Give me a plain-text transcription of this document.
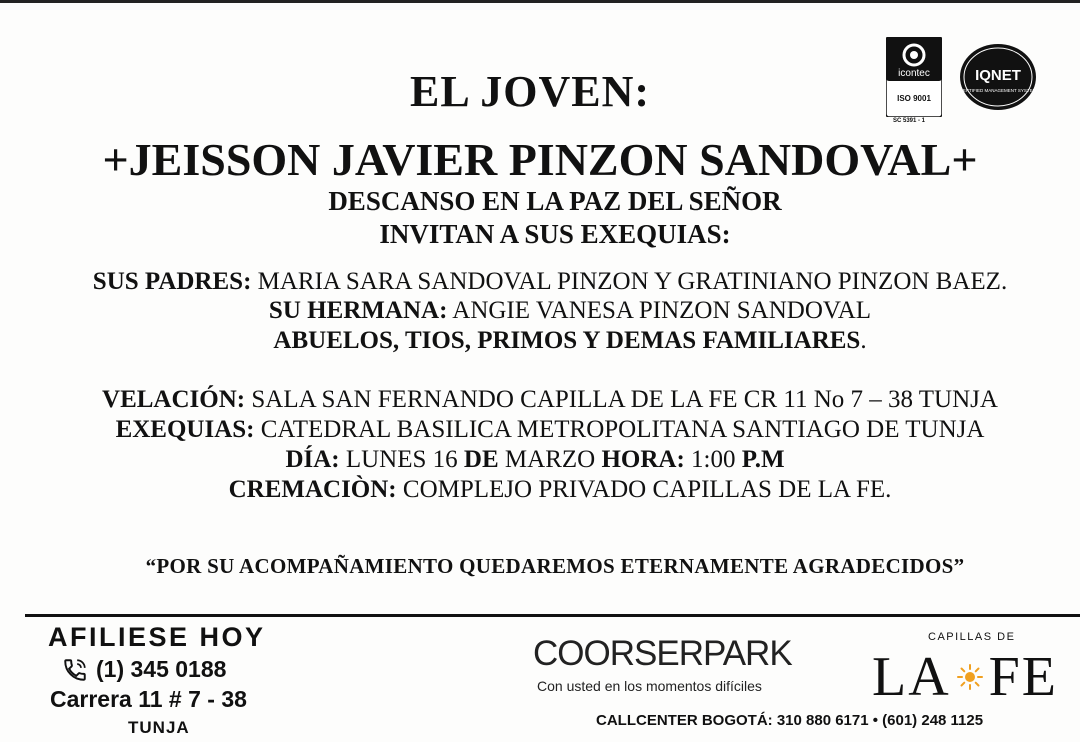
EL JOVEN:
+JEISSON JAVIER PINZON SANDOVAL+
DESCANSO EN LA PAZ DEL SEÑOR
INVITAN A SUS EXEQUIAS:
SUS PADRES: MARIA SARA SANDOVAL PINZON Y GRATINIANO PINZON BAEZ.
SU HERMANA: ANGIE VANESA PINZON SANDOVAL
ABUELOS, TIOS, PRIMOS Y DEMAS FAMILIARES.
VELACIÓN: SALA SAN FERNANDO CAPILLA DE LA FE CR 11 No 7 – 38 TUNJA
EXEQUIAS: CATEDRAL BASILICA METROPOLITANA SANTIAGO DE TUNJA
DÍA: LUNES 16 DE MARZO HORA: 1:00 P.M
CREMACIÒN: COMPLEJO PRIVADO CAPILLAS DE LA FE.
“POR SU ACOMPAÑAMIENTO QUEDAREMOS ETERNAMENTE AGRADECIDOS”
icontec
ISO 9001
SC 5391 - 1
IQNET
CERTIFIED MANAGEMENT SYSTEM
AFILIESE HOY
(1) 345 0188
Carrera 11 # 7 - 38
TUNJA
COORSERPARK
Con usted en los momentos difíciles
CALLCENTER BOGOTÁ: 310 880 6171 • (601) 248 1125
CAPILLAS DE
LA FE
